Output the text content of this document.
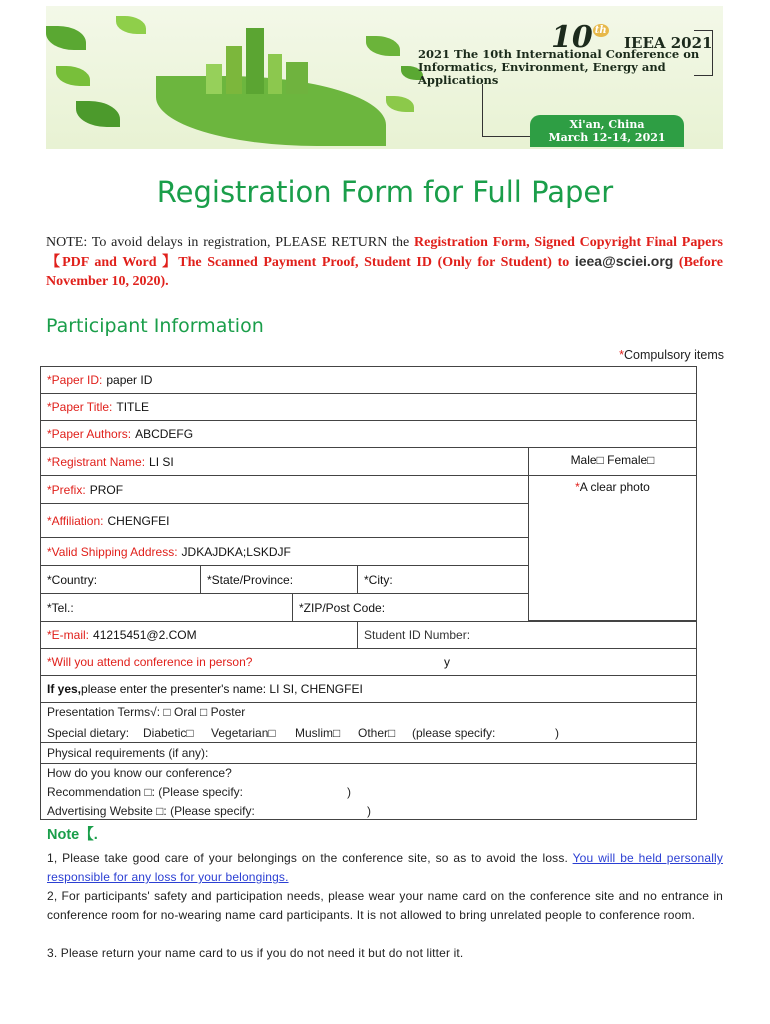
10 $^{th}$
IEEA 2021
2021 The 10th International Conference on
Informatics, Environment, Energy and Applications
Xi'an, China
March 12-14, 2021
Registration Form for Full Paper
NOTE: To avoid delays in registration, PLEASE RETURN the Registration Form, Signed Copyright Final Papers【PDF and Word 】The Scanned Payment Proof, Student ID (Only for Student) to ieea@sciei.org (Before November 10, 2020).
Participant Information
*Compulsory items
*Paper ID: paper ID
*Paper Title: TITLE
*Paper Authors: ABCDEFG
*Registrant Name: LI SI	Male□ Female□
*Prefix: PROF	* A clear photo
*Affiliation: CHENGFEI
*Valid Shipping Address: JDKAJDKA;LSKDJF
*Country:	*State/Province:	*City:
*Tel.:	*ZIP/Post Code:
*E-mail: 41215451@2.COM	Student ID Number:
*Will you attend conference in person?	y
If yes, please enter the presenter's name: LI SI, CHENGFEI
Presentation Terms√: □ Oral □ Poster
Special dietary: Diabetic□ Vegetarian□ Muslim□ Other□ (please specify:	)
Physical requirements (if any):
How do you know our conference?
Recommendation □: (Please specify:	)
Advertising Website □: (Please specify:	)
Note【.
1, Please take good care of your belongings on the conference site, so as to avoid the loss. You will be held personally responsible for any loss for your belongings.
2, For participants' safety and participation needs, please wear your name card on the conference site and no entrance in conference room for no-wearing name card participants. It is not allowed to bring unrelated people to conference room.
3. Please return your name card to us if you do not need it but do not litter it.
